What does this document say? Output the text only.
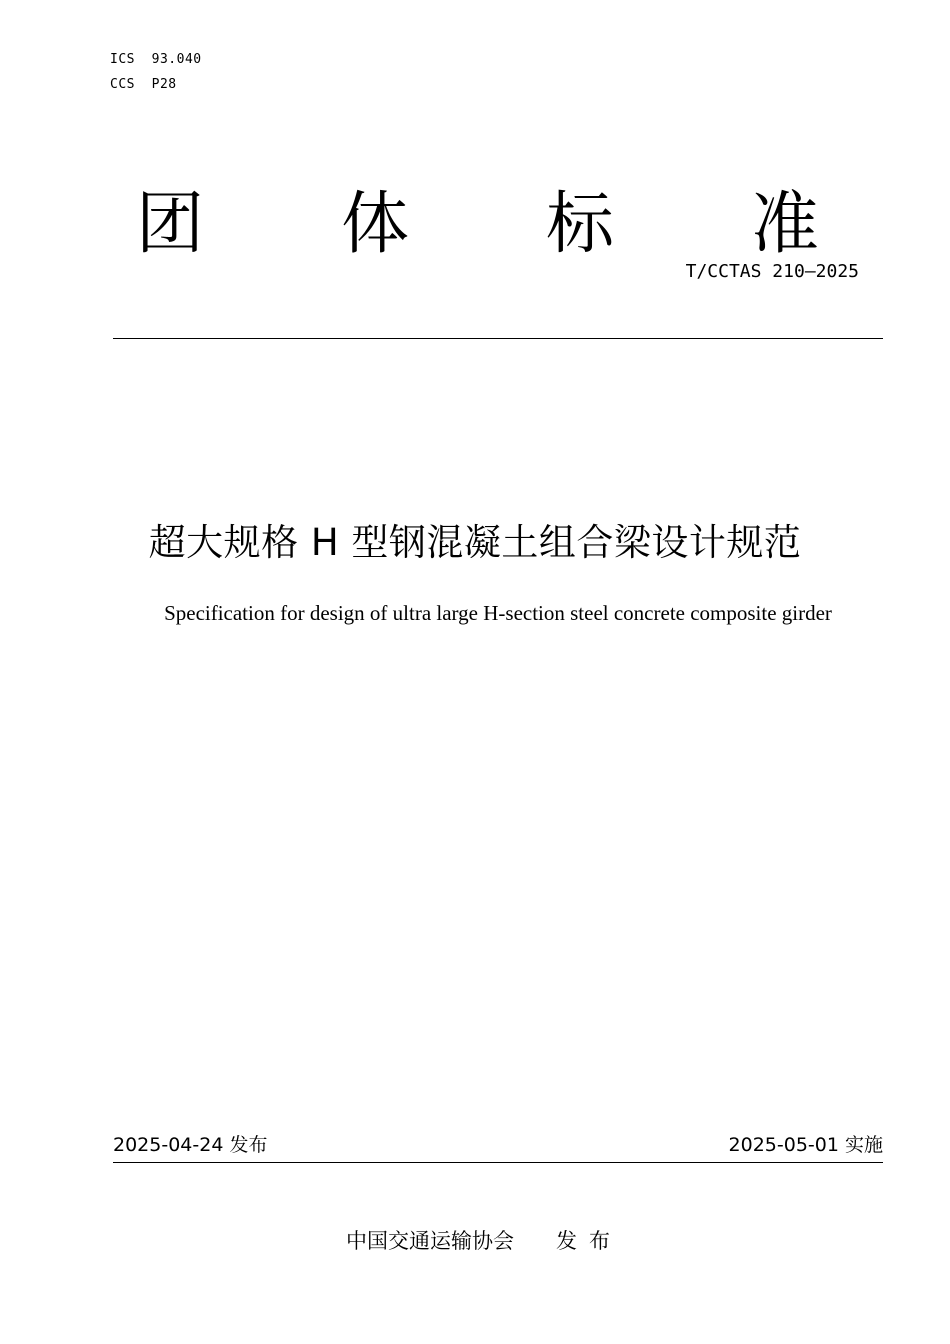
ICS  93.040
CCS  P28
团 体 标 准
T/CCTAS 210—2025
超大规格 H 型钢混凝土组合梁设计规范
Specification for design of ultra large H-section steel concrete composite girder
2025-04-24 发布	2025-05-01 实施
中国交通运输协会 发布
